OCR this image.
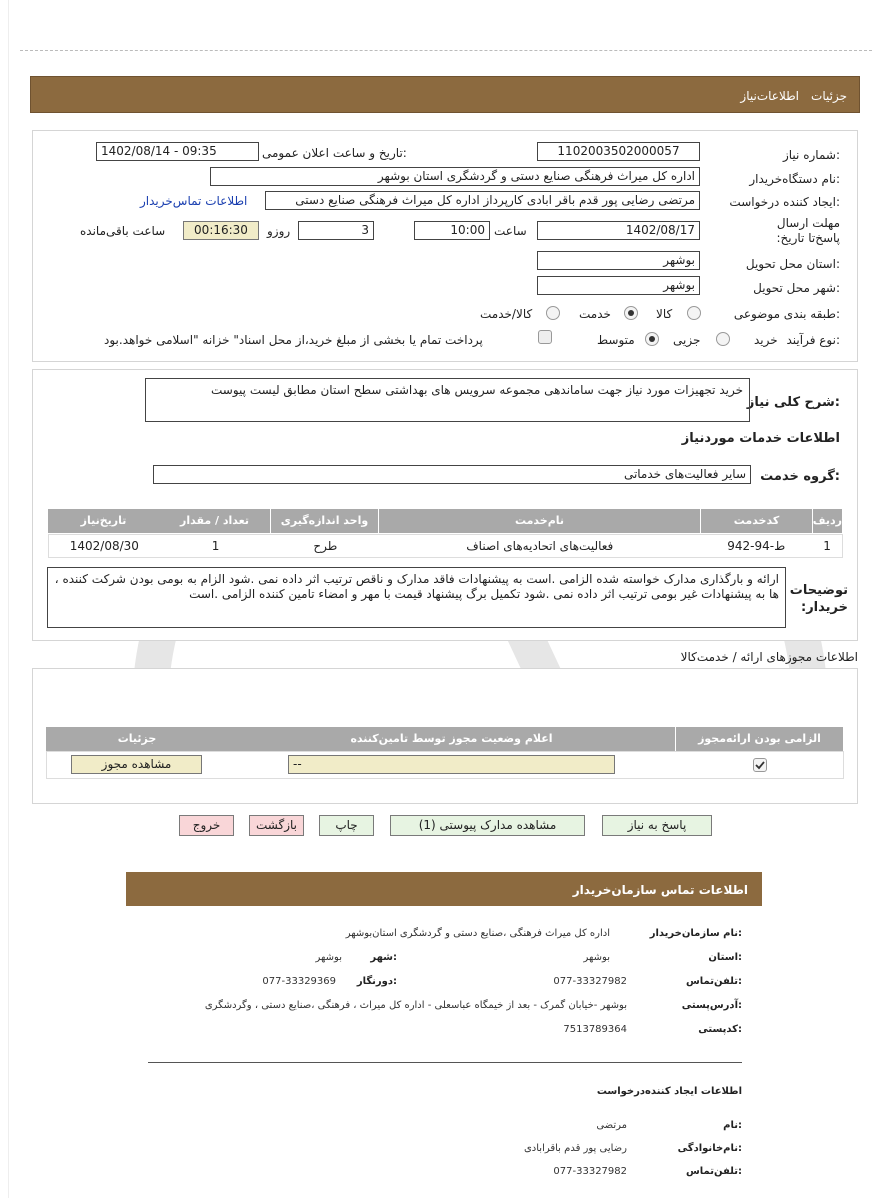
جزئیات
اطلاعات‌نیاز
شماره نیاز:
1102003502000057
تاریخ و ساعت اعلان عمومی:
1402/08/14 - 09:35
نام دستگاه‌خریدار:
اداره کل میراث فرهنگی صنایع دستی و گردشگری استان بوشهر
ایجاد کننده درخواست:
مرتضی رضایی پور قدم باقر ابادی کارپرداز اداره کل میراث فرهنگی صنایع دستی
اطلاعات تماس‌خریدار
مهلت ارسال پاسخ‌تا تاریخ:
1402/08/17
ساعت
10:00
3
روزو
00:16:30
ساعت باقی‌مانده
استان محل تحویل:
بوشهر
شهر محل تحویل:
بوشهر
طبقه بندی موضوعی:
کالا
خدمت
کالا/خدمت
نوع فرآیند:
خرید
جزیی
متوسط
پرداخت تمام یا بخشی از مبلغ خرید،از محل اسناد" خزانه "اسلامی خواهد.بود
شرح کلی نیاز:
خرید تجهیزات مورد نیاز جهت ساماندهی مجموعه سرویس های بهداشتی سطح استان مطابق لیست پیوست
اطلاعات خدمات موردنیاز
گروه خدمت:
سایر فعالیت‌های خدماتی
ردیف
کدخدمت
نام‌خدمت
واحد اندازه‌گیری
تعداد / مقدار
تاریخ‌نیاز
1
ط-94-942
فعالیت‌های اتحادیه‌های اصناف
طرح
1
1402/08/30
توضیحات خریدار:
ارائه و بارگذاری مدارک خواسته شده الزامی .است به پیشنهادات فاقد مدارک و ناقص ترتیب اثر داده نمی .شود الزام به بومی بودن شرکت کننده ، ها به پیشنهادات غیر بومی ترتیب اثر داده نمی .شود تکمیل برگ پیشنهاد قیمت با مهر و امضاء تامین کننده الزامی .است
اطلاعات مجوزهای ارائه / خدمت‌کالا
الزامی بودن ارائه‌مجوز
اعلام وضعیت مجوز توسط تامین‌کننده
جزئیات
--
مشاهده مجوز
پاسخ به نیاز
مشاهده مدارک پیوستی (1)
چاپ
بازگشت
خروج
اطلاعات تماس سازمان‌خریدار
نام سازمان‌خریدار:
اداره کل میراث فرهنگی ،صنایع دستی و گردشگری استان‌بوشهر
استان:
بوشهر
شهر:
بوشهر
تلفن‌تماس:
077-33327982
دورنگار:
077-33329369
آدرس‌پستی:
بوشهر -خیابان گمرک - بعد از خیمگاه عباسعلی - اداره کل میراث ، فرهنگی ،صنایع دستی ، وگردشگری
کدپستی:
7513789364
اطلاعات ایجاد کننده‌درخواست
نام:
مرتضی
نام‌خانوادگی:
رضایی پور قدم باقرابادی
تلفن‌تماس:
077-33327982
